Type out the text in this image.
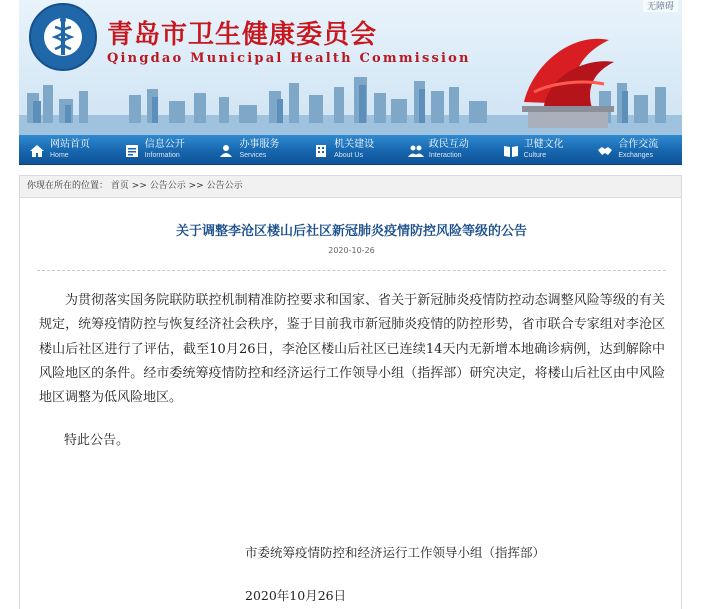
无障碍
青岛市卫生健康委员会
Qingdao Municipal Health Commission
网站首页
Home
信息公开
Information
办事服务
Services
机关建设
About Us
政民互动
Interaction
卫健文化
Culture
合作交流
Exchanges
你现在所在的位置： 首页 >> 公告公示 >> 公告公示
关于调整李沧区楼山后社区新冠肺炎疫情防控风险等级的公告
2020-10-26

为贯彻落实国务院联防联控机制精准防控要求和国家、省关于新冠肺炎疫情防控动态调整风险等级的有关规定，统筹疫情防控与恢复经济社会秩序，鉴于目前我市新冠肺炎疫情的防控形势，省市联合专家组对李沧区楼山后社区进行了评估，截至10月26日，李沧区楼山后社区已连续14天内无新增本地确诊病例，达到解除中风险地区的条件。经市委统筹疫情防控和经济运行工作领导小组（指挥部）研究决定，将楼山后社区由中风险地区调整为低风险地区。

特此公告。

市委统筹疫情防控和经济运行工作领导小组（指挥部）

2020年10月26日
